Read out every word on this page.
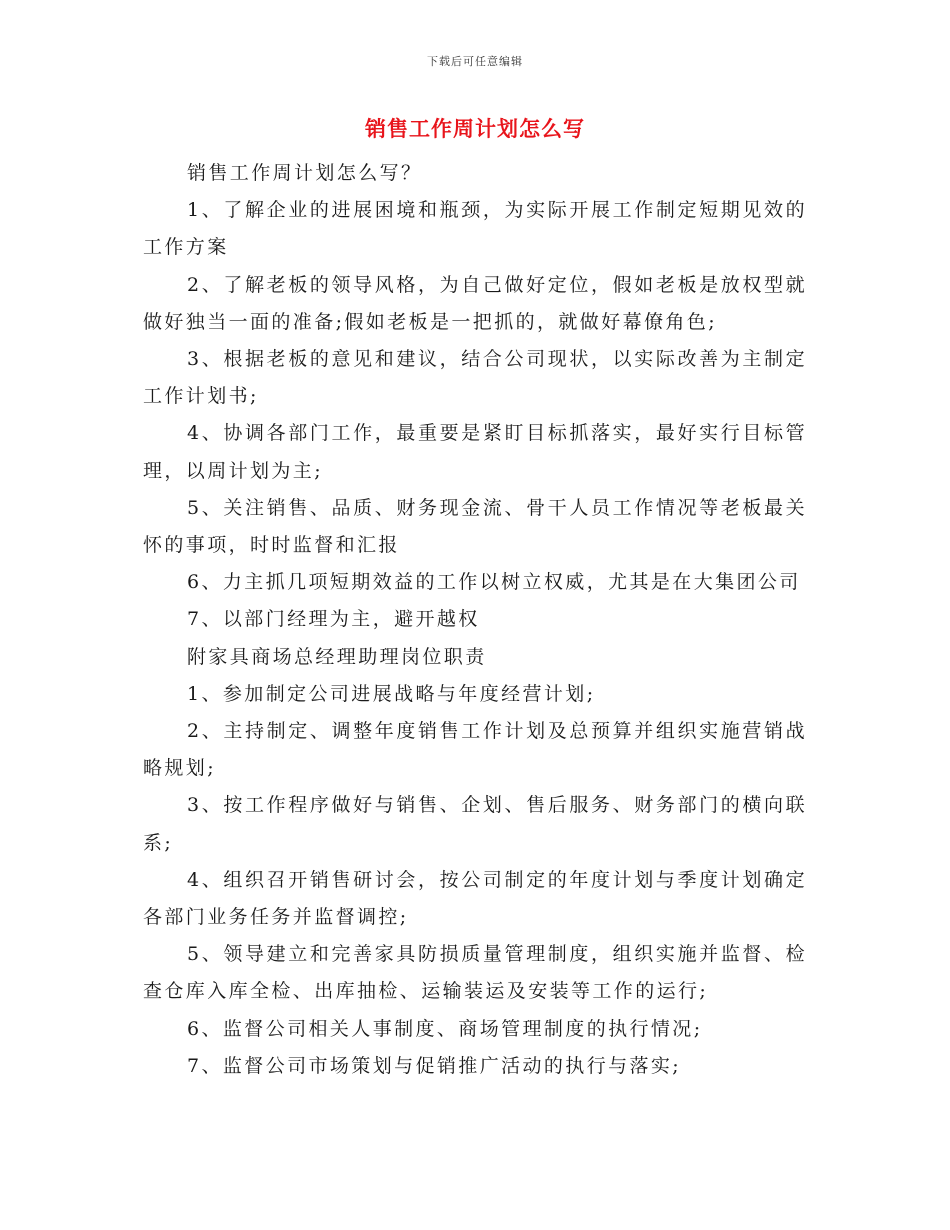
下载后可任意编辑
销售工作周计划怎么写

销售工作周计划怎么写？

1、了解企业的进展困境和瓶颈，为实际开展工作制定短期见效的工作方案

2、了解老板的领导风格，为自己做好定位，假如老板是放权型就做好独当一面的准备;假如老板是一把抓的，就做好幕僚角色;

3、根据老板的意见和建议，结合公司现状，以实际改善为主制定工作计划书;

4、协调各部门工作，最重要是紧盯目标抓落实，最好实行目标管理，以周计划为主;

5、关注销售、品质、财务现金流、骨干人员工作情况等老板最关怀的事项，时时监督和汇报

6、力主抓几项短期效益的工作以树立权威，尤其是在大集团公司

7、以部门经理为主，避开越权

附家具商场总经理助理岗位职责

1、参加制定公司进展战略与年度经营计划;

2、主持制定、调整年度销售工作计划及总预算并组织实施营销战略规划;

3、按工作程序做好与销售、企划、售后服务、财务部门的横向联系;

4、组织召开销售研讨会，按公司制定的年度计划与季度计划确定各部门业务任务并监督调控;

5、领导建立和完善家具防损质量管理制度，组织实施并监督、检查仓库入库全检、出库抽检、运输装运及安装等工作的运行;

6、监督公司相关人事制度、商场管理制度的执行情况;

7、监督公司市场策划与促销推广活动的执行与落实;
